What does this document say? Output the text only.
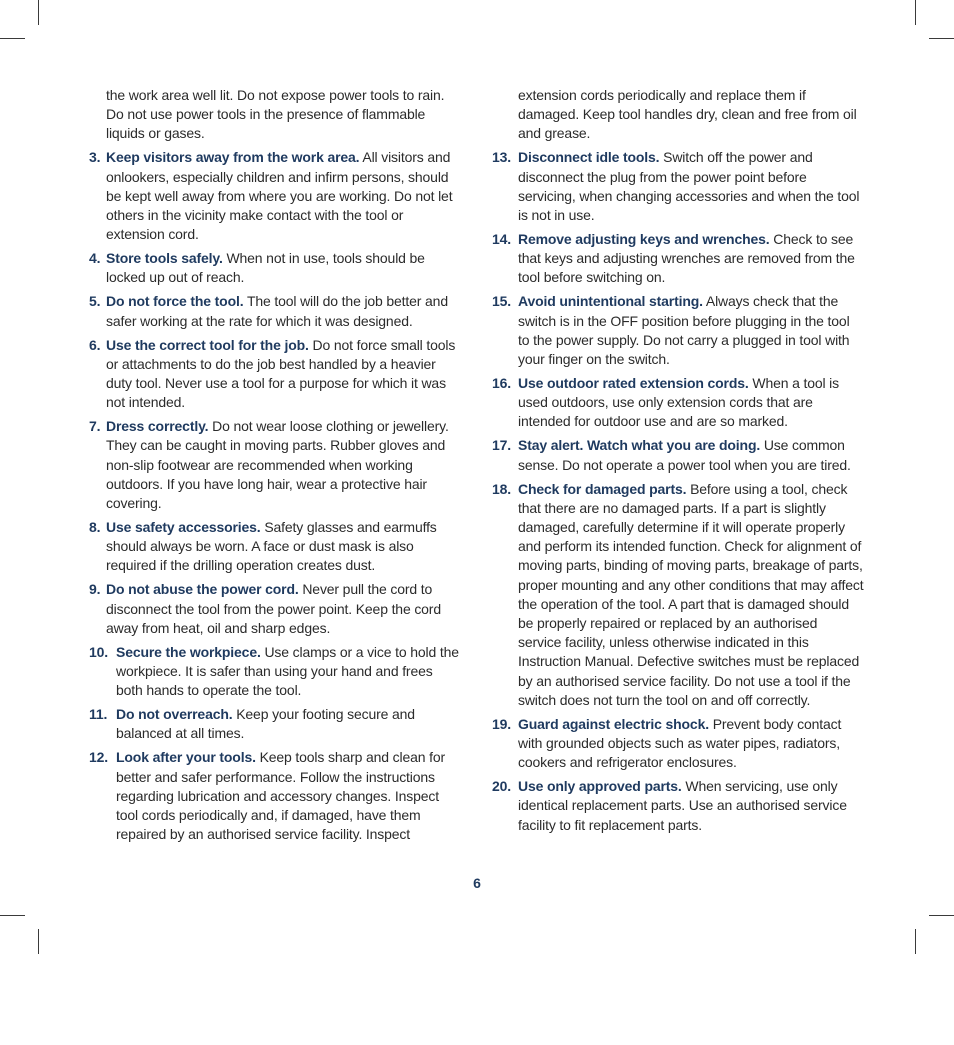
the work area well lit. Do not expose power tools to rain. Do not use power tools in the presence of flammable liquids or gases.

3. Keep visitors away from the work area. All visitors and onlookers, especially children and infirm persons, should be kept well away from where you are working. Do not let others in the vicinity make contact with the tool or extension cord.
4. Store tools safely. When not in use, tools should be locked up out of reach.
5. Do not force the tool. The tool will do the job better and safer working at the rate for which it was designed.
6. Use the correct tool for the job. Do not force small tools or attachments to do the job best handled by a heavier duty tool. Never use a tool for a purpose for which it was not intended.
7. Dress correctly. Do not wear loose clothing or jewellery. They can be caught in moving parts. Rubber gloves and non-slip footwear are recommended when working outdoors. If you have long hair, wear a protective hair covering.
8. Use safety accessories. Safety glasses and earmuffs should always be worn. A face or dust mask is also required if the drilling operation creates dust.
9. Do not abuse the power cord. Never pull the cord to disconnect the tool from the power point. Keep the cord away from heat, oil and sharp edges.
10. Secure the workpiece. Use clamps or a vice to hold the workpiece. It is safer than using your hand and frees both hands to operate the tool.
11. Do not overreach. Keep your footing secure and balanced at all times.
12. Look after your tools. Keep tools sharp and clean for better and safer performance. Follow the instructions regarding lubrication and accessory changes. Inspect tool cords periodically and, if damaged, have them repaired by an authorised service facility. Inspect

extension cords periodically and replace them if damaged. Keep tool handles dry, clean and free from oil and grease.

13. Disconnect idle tools. Switch off the power and disconnect the plug from the power point before servicing, when changing accessories and when the tool is not in use.
14. Remove adjusting keys and wrenches. Check to see that keys and adjusting wrenches are removed from the tool before switching on.
15. Avoid unintentional starting. Always check that the switch is in the OFF position before plugging in the tool to the power supply. Do not carry a plugged in tool with your finger on the switch.
16. Use outdoor rated extension cords. When a tool is used outdoors, use only extension cords that are intended for outdoor use and are so marked.
17. Stay alert. Watch what you are doing. Use common sense. Do not operate a power tool when you are tired.
18. Check for damaged parts. Before using a tool, check that there are no damaged parts. If a part is slightly damaged, carefully determine if it will operate properly and perform its intended function. Check for alignment of moving parts, binding of moving parts, breakage of parts, proper mounting and any other conditions that may affect the operation of the tool. A part that is damaged should be properly repaired or replaced by an authorised service facility, unless otherwise indicated in this Instruction Manual. Defective switches must be replaced by an authorised service facility. Do not use a tool if the switch does not turn the tool on and off correctly.
19. Guard against electric shock. Prevent body contact with grounded objects such as water pipes, radiators, cookers and refrigerator enclosures.
20. Use only approved parts. When servicing, use only identical replacement parts. Use an authorised service facility to fit replacement parts.
6
